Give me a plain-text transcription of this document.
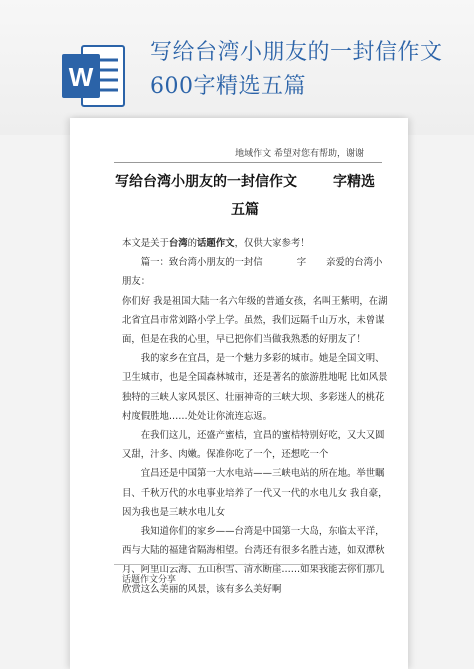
W
写给台湾小朋友的一封信作文600字精选五篇
地域作文 希望对您有帮助，谢谢
写给台湾小朋友的一封信作文	字精选
五篇

本文是关于台湾的话题作文，仅供大家参考！

篇一：致台湾小朋友的一封信	字 亲爱的台湾小朋友：

你们好 我是祖国大陆一名六年级的普通女孩，名叫王紫明，在湖北省宜昌市常刘路小学上学。虽然，我们远隔千山万水，未曾谋面，但是在我的心里，早已把你们当做我熟悉的好朋友了！

我的家乡在宜昌，是一个魅力多彩的城市。她是全国文明、卫生城市，也是全国森林城市，还是著名的旅游胜地呢 比如风景独特的三峡人家风景区、壮丽神奇的三峡大坝、多彩迷人的桃花村度假胜地……处处让你流连忘返。

在我们这儿，还盛产蜜桔，宜昌的蜜桔特别好吃，又大又圆又甜，汁多、肉嫩。保准你吃了一个，还想吃一个

宜昌还是中国第一大水电站——三峡电站的所在地。举世瞩目、千秋万代的水电事业培养了一代又一代的水电儿女 我自豪，因为我也是三峡水电儿女

我知道你们的家乡——台湾是中国第一大岛，东临太平洋，西与大陆的福建省隔海相望。台湾还有很多名胜古迹，如双潭秋月、阿里山云海、五山积雪、清水断崖……如果我能去你们那儿欣赏这么美丽的风景，该有多么美好啊

话题作文分享
